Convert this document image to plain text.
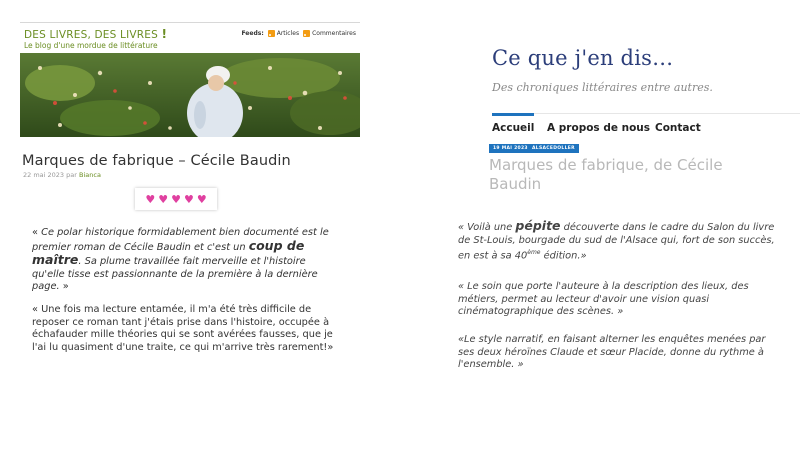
DES LIVRES, DES LIVRES !
Le blog d'une mordue de littérature
Feeds: Articles Commentaires
Marques de fabrique – Cécile Baudin
22 mai 2023 par Bianca
♥ ♥ ♥ ♥ ♥

« Ce polar historique formidablement bien documenté est le premier roman de Cécile Baudin et c'est un coup de maître. Sa plume travaillée fait merveille et l'histoire qu'elle tisse est passionnante de la première à la dernière page. »

« Une fois ma lecture entamée, il m'a été très difficile de reposer ce roman tant j'étais prise dans l'histoire, occupée à échafauder mille théories qui se sont avérées fausses, que je l'ai lu quasiment d'une traite, ce qui m'arrive très rarement!»

Ce que j'en dis…
Des chroniques littéraires entre autres.
Accueil A propos de nous Contact
19 MAI 2023 ALSACEDOLLER
Marques de fabrique, de Cécile Baudin

« Voilà une pépite découverte dans le cadre du Salon du livre de St-Louis, bourgade du sud de l'Alsace qui, fort de son succès, en est à sa 40ème édition.»

« Le soin que porte l'auteure à la description des lieux, des métiers, permet au lecteur d'avoir une vision quasi cinématographique des scènes. »

«Le style narratif, en faisant alterner les enquêtes menées par ses deux héroïnes Claude et sœur Placide, donne du rythme à l'ensemble. »
